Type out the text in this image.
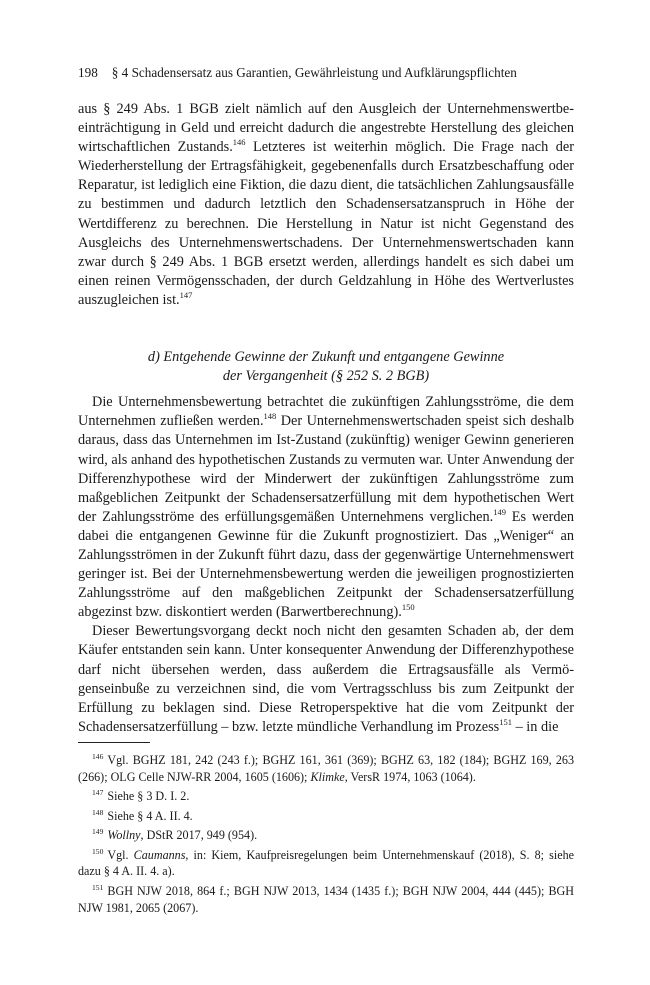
198 § 4 Schadensersatz aus Garantien, Gewährleistung und Aufklärungspflichten

aus § 249 Abs. 1 BGB zielt nämlich auf den Ausgleich der Unternehmenswertbeeinträchtigung in Geld und erreicht dadurch die angestrebte Herstellung des gleichen wirtschaftlichen Zustands.$^{146}$ Letzteres ist weiterhin möglich. Die Frage nach der Wiederherstellung der Ertragsfähigkeit, gegebenenfalls durch Ersatzbeschaffung oder Reparatur, ist lediglich eine Fiktion, die dazu dient, die tatsächlichen Zahlungsausfälle zu bestimmen und dadurch letztlich den Schadensersatzanspruch in Höhe der Wertdifferenz zu berechnen. Die Herstellung in Natur ist nicht Gegenstand des Ausgleichs des Unternehmenswertschadens. Der Unternehmenswertschaden kann zwar durch § 249 Abs. 1 BGB ersetzt werden, allerdings handelt es sich dabei um einen reinen Vermögensschaden, der durch Geldzahlung in Höhe des Wertverlustes auszugleichen ist.$^{147}$

d) Entgehende Gewinne der Zukunft und entgangene Gewinne
der Vergangenheit (§ 252 S. 2 BGB)

Die Unternehmensbewertung betrachtet die zukünftigen Zahlungsströme, die dem Unternehmen zufließen werden.$^{148}$ Der Unternehmenswertschaden speist sich deshalb daraus, dass das Unternehmen im Ist-Zustand (zukünftig) weniger Gewinn generieren wird, als anhand des hypothetischen Zustands zu vermuten war. Unter Anwendung der Differenzhypothese wird der Minderwert der zukünftigen Zahlungsströme zum maßgeblichen Zeitpunkt der Schadensersatzerfüllung mit dem hypothetischen Wert der Zahlungsströme des erfüllungsgemäßen Unternehmens verglichen.$^{149}$ Es werden dabei die entgangenen Gewinne für die Zukunft prognostiziert. Das „Weniger“ an Zahlungsströmen in der Zukunft führt dazu, dass der gegenwärtige Unternehmenswert geringer ist. Bei der Unternehmensbewertung werden die jeweiligen prognostizierten Zahlungsströme auf den maßgeblichen Zeitpunkt der Schadensersatzerfüllung abgezinst bzw. diskontiert werden (Barwertberechnung).$^{150}$

Dieser Bewertungsvorgang deckt noch nicht den gesamten Schaden ab, der dem Käufer entstanden sein kann. Unter konsequenter Anwendung der Differenzhypothese darf nicht übersehen werden, dass außerdem die Ertragsausfälle als Vermögenseinbuße zu verzeichnen sind, die vom Vertragsschluss bis zum Zeitpunkt der Erfüllung zu beklagen sind. Diese Retroperspektive hat die vom Zeitpunkt der Schadensersatzerfüllung – bzw. letzte mündliche Verhandlung im Prozess$^{151}$ – in die

$^{146}$ Vgl. BGHZ 181, 242 (243 f.); BGHZ 161, 361 (369); BGHZ 63, 182 (184); BGHZ 169, 263 (266); OLG Celle NJW-RR 2004, 1605 (1606); Klimke, VersR 1974, 1063 (1064).

$^{147}$ Siehe § 3 D. I. 2.

$^{148}$ Siehe § 4 A. II. 4.

$^{149}$ Wollny, DStR 2017, 949 (954).

$^{150}$ Vgl. Caumanns, in: Kiem, Kaufpreisregelungen beim Unternehmenskauf (2018), S. 8; siehe dazu § 4 A. II. 4. a).

$^{151}$ BGH NJW 2018, 864 f.; BGH NJW 2013, 1434 (1435 f.); BGH NJW 2004, 444 (445); BGH NJW 1981, 2065 (2067).
